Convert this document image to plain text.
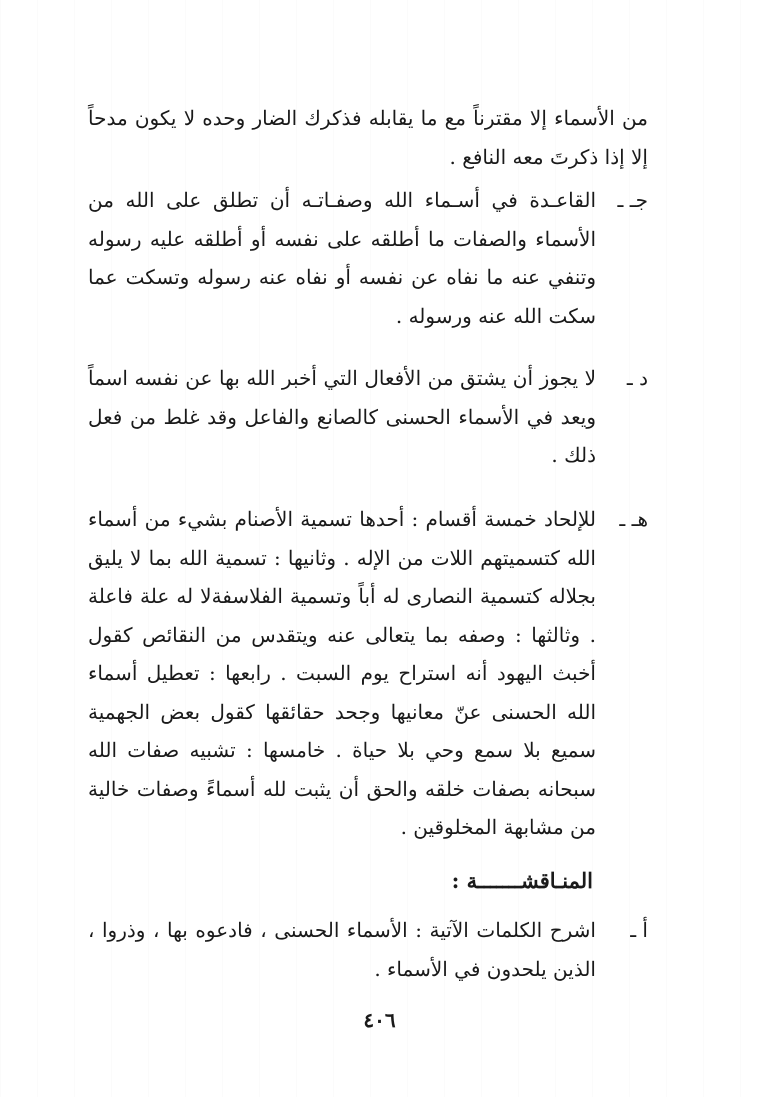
من الأسماء إلا مقترناً مع ما يقابله فذكرك الضار وحده لا يكون مدحاً إلا إذا ذكرتَ معه النافع .
جـ ـ
القاعـدة في أسـماء الله وصفـاتـه أن تطلق على الله من الأسماء والصفات ما أطلقه على نفسه أو أطلقه عليه رسوله وتنفي عنه ما نفاه عن نفسه أو نفاه عنه رسوله وتسكت عما سكت الله عنه ورسوله .
د ـ
لا يجوز أن يشتق من الأفعال التي أخبر الله بها عن نفسه اسماً ويعد في الأسماء الحسنى كالصانع والفاعل وقد غلط من فعل ذلك .
هـ ـ
للإلحاد خمسة أقسام : أحدها تسمية الأصنام بشيء من أسماء الله كتسميتهم اللات من الإله . وثانيها : تسمية الله بما لا يليق بجلاله كتسمية النصارى له أباً وتسمية الفلاسفةلا له علة فاعلة . وثالثها : وصفه بما يتعالى عنه ويتقدس من النقائص كقول أخبث اليهود أنه استراح يوم السبت . رابعها : تعطيل أسماء الله الحسنى عنّ معانيها وجحد حقائقها كقول بعض الجهمية سميع بلا سمع وحي بلا حياة . خامسها : تشبيه صفات الله سبحانه بصفات خلقه والحق أن يثبت لله أسماءً وصفات خالية من مشابهة المخلوقين .
المنـاقشـــــــة :
أ ـ
اشرح الكلمات الآتية : الأسماء الحسنى ، فادعوه بها ، وذروا ، الذين يلحدون في الأسماء .
٤٠٦
